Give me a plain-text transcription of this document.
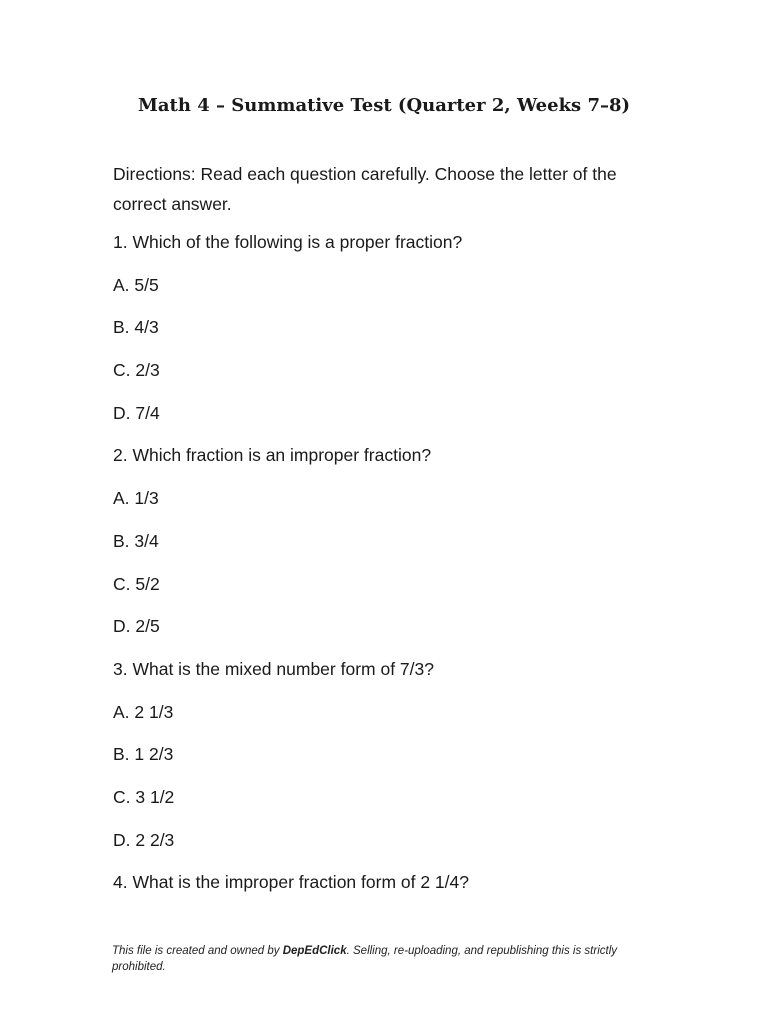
Math 4 – Summative Test (Quarter 2, Weeks 7–8)

Directions: Read each question carefully. Choose the letter of the correct answer.

1. Which of the following is a proper fraction?

A. 5/5

B. 4/3

C. 2/3

D. 7/4

2. Which fraction is an improper fraction?

A. 1/3

B. 3/4

C. 5/2

D. 2/5

3. What is the mixed number form of 7/3?

A. 2 1/3

B. 1 2/3

C. 3 1/2

D. 2 2/3

4. What is the improper fraction form of 2 1/4?

This file is created and owned by DepEdClick. Selling, re-uploading, and republishing this is strictly prohibited.
